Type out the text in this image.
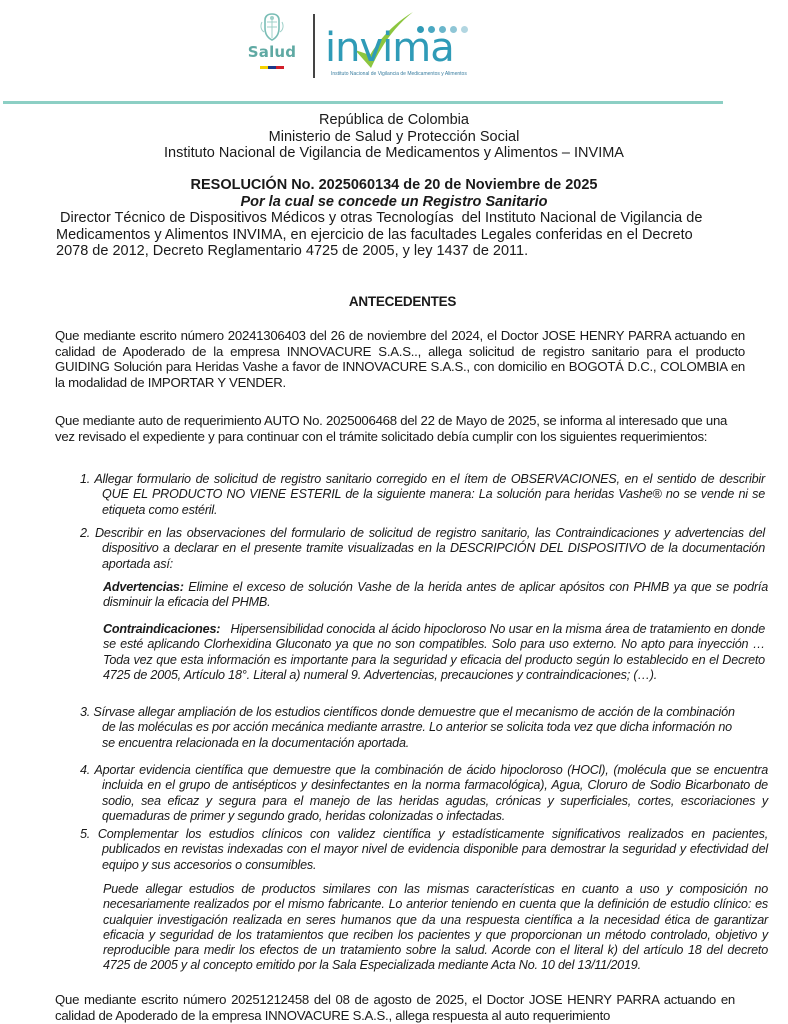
Salud invima
Instituto Nacional de Vigilancia de Medicamentos y Alimentos
República de Colombia
Ministerio de Salud y Protección Social
Instituto Nacional de Vigilancia de Medicamentos y Alimentos – INVIMA
RESOLUCIÓN No. 2025060134 de 20 de Noviembre de 2025
Por la cual se concede un Registro Sanitario
Director Técnico de Dispositivos Médicos y otras Tecnologías  del Instituto Nacional de Vigilancia de
Medicamentos y Alimentos INVIMA, en ejercicio de las facultades Legales conferidas en el Decreto
2078 de 2012, Decreto Reglamentario 4725 de 2005, y ley 1437 de 2011.
ANTECEDENTES
Que mediante escrito número 20241306403 del 26 de noviembre del 2024, el Doctor JOSE HENRY PARRA actuando en calidad de Apoderado de la empresa INNOVACURE S.A.S.., allega solicitud de registro sanitario para el producto GUIDING Solución para Heridas Vashe a favor de INNOVACURE S.A.S., con domicilio en BOGOTÁ D.C., COLOMBIA en la modalidad de IMPORTAR Y VENDER.
Que mediante auto de requerimiento AUTO No. 2025006468 del 22 de Mayo de 2025, se informa al interesado que una vez revisado el expediente y para continuar con el trámite solicitado debía cumplir con los siguientes requerimientos:
1. Allegar formulario de solicitud de registro sanitario corregido en el ítem de OBSERVACIONES, en el sentido de describir QUE EL PRODUCTO NO VIENE ESTERIL de la siguiente manera: La solución para heridas Vashe® no se vende ni se etiqueta como estéril.
2. Describir en las observaciones del formulario de solicitud de registro sanitario, las Contraindicaciones y advertencias del dispositivo a declarar en el presente tramite visualizadas en la DESCRIPCIÓN DEL DISPOSITIVO de la documentación aportada así:
Advertencias: Elimine el exceso de solución Vashe de la herida antes de aplicar apósitos con PHMB ya que se podría disminuir la eficacia del PHMB.
Contraindicaciones:   Hipersensibilidad conocida al ácido hipocloroso No usar en la misma área de tratamiento en donde se esté aplicando Clorhexidina Gluconato ya que no son compatibles. Solo para uso externo. No apto para inyección … Toda vez que esta información es importante para la seguridad y eficacia del producto según lo establecido en el Decreto 4725 de 2005, Artículo 18°. Literal a) numeral 9. Advertencias, precauciones y contraindicaciones; (…).
3. Sírvase allegar ampliación de los estudios científicos donde demuestre que el mecanismo de acción de la combinación de las moléculas es por acción mecánica mediante arrastre. Lo anterior se solicita toda vez que dicha información no se encuentra relacionada en la documentación aportada.
4. Aportar evidencia científica que demuestre que la combinación de ácido hipocloroso (HOCl), (molécula que se encuentra incluida en el grupo de antisépticos y desinfectantes en la norma farmacológica), Agua, Cloruro de Sodio Bicarbonato de sodio, sea eficaz y segura para el manejo de las heridas agudas, crónicas y superficiales, cortes, escoriaciones y quemaduras de primer y segundo grado, heridas colonizadas o infectadas.
5. Complementar los estudios clínicos con validez científica y estadísticamente significativos realizados en pacientes, publicados en revistas indexadas con el mayor nivel de evidencia disponible para demostrar la seguridad y efectividad del equipo y sus accesorios o consumibles.
Puede allegar estudios de productos similares con las mismas características en cuanto a uso y composición no necesariamente realizados por el mismo fabricante. Lo anterior teniendo en cuenta que la definición de estudio clínico: es cualquier investigación realizada en seres humanos que da una respuesta científica a la necesidad ética de garantizar eficacia y seguridad de los tratamientos que reciben los pacientes y que proporcionan un método controlado, objetivo y reproducible para medir los efectos de un tratamiento sobre la salud. Acorde con el literal k) del artículo 18 del decreto 4725 de 2005 y al concepto emitido por la Sala Especializada mediante Acta No. 10 del 13/11/2019.
Que mediante escrito número 20251212458 del 08 de agosto de 2025, el Doctor JOSE HENRY PARRA actuando en calidad de Apoderado de la empresa INNOVACURE S.A.S., allega respuesta al auto requerimiento
